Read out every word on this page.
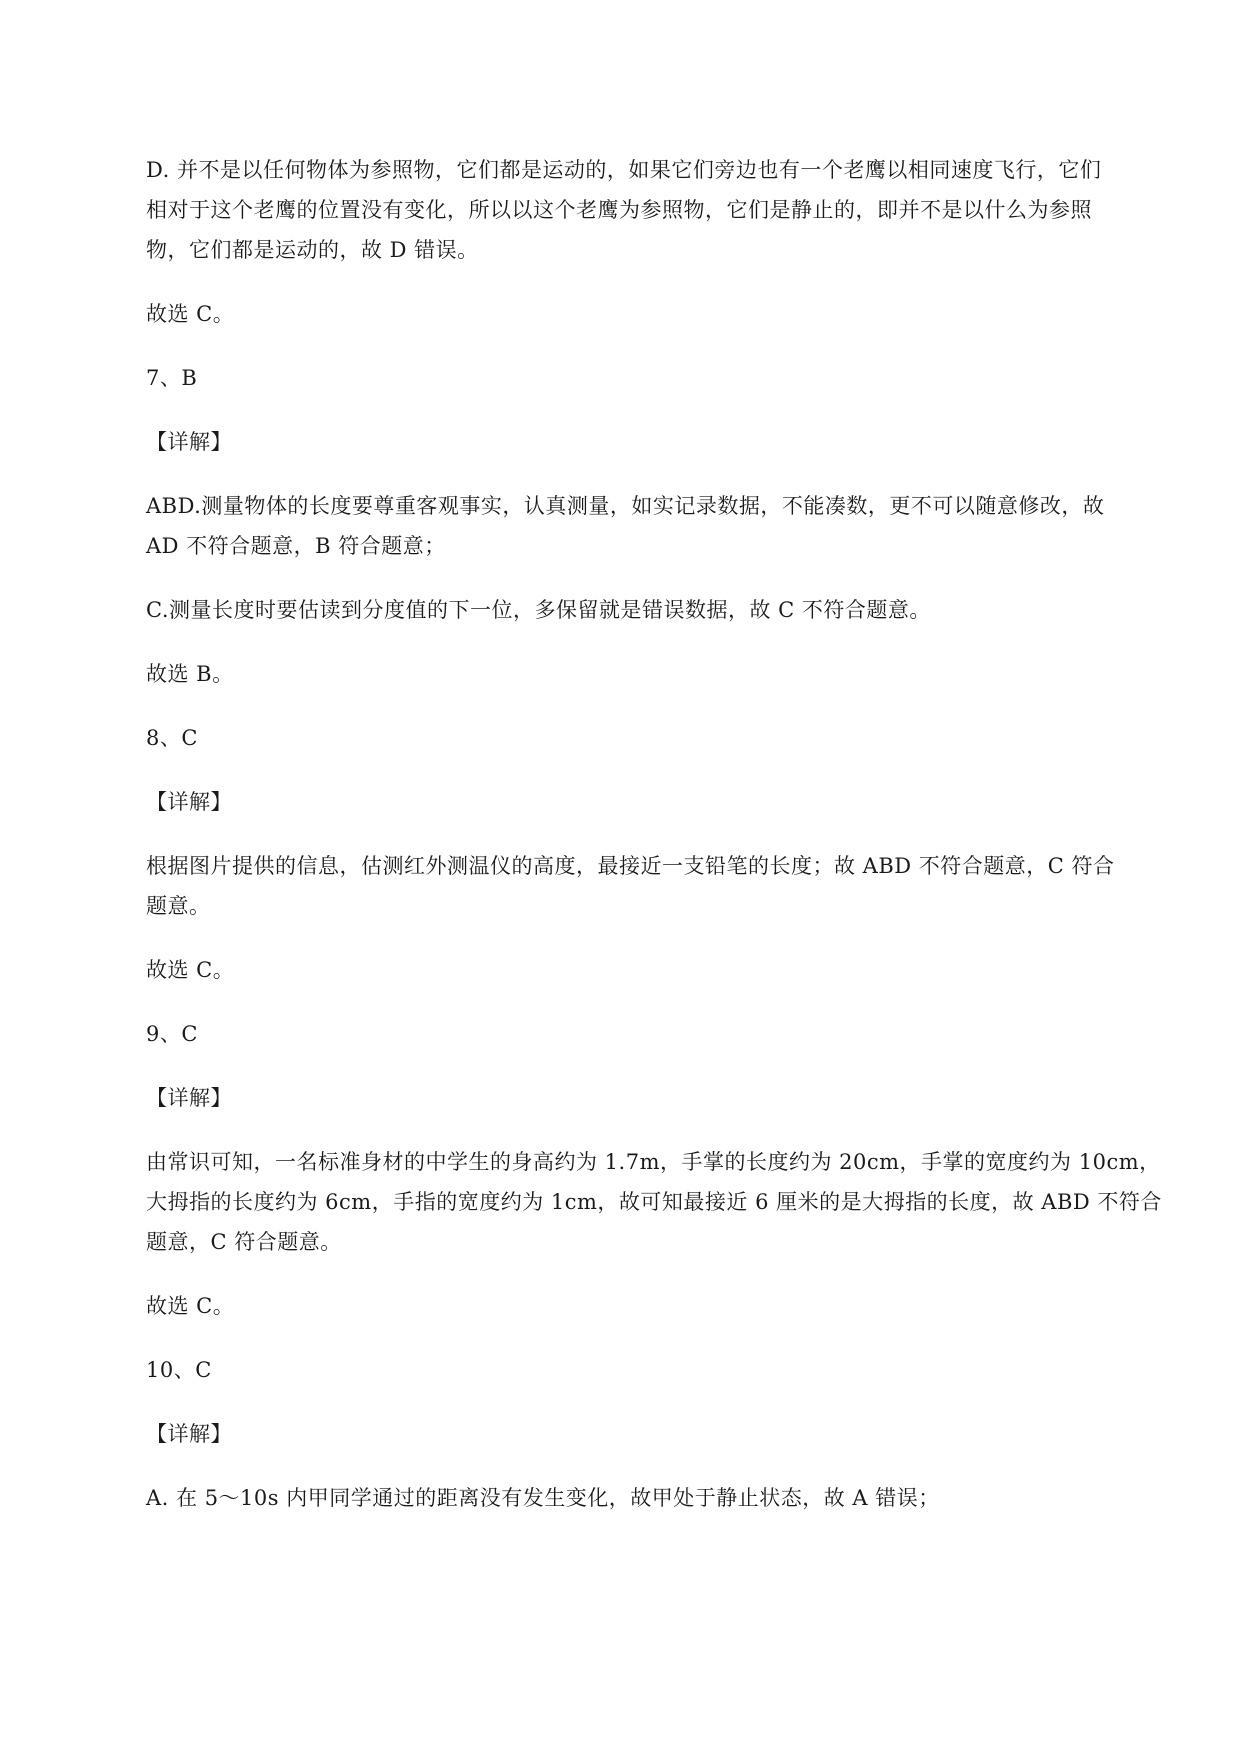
D. 并不是以任何物体为参照物，它们都是运动的，如果它们旁边也有一个老鹰以相同速度飞行，它们
相对于这个老鹰的位置没有变化，所以以这个老鹰为参照物，它们是静止的，即并不是以什么为参照
物，它们都是运动的，故 D 错误。
故选 C。
7、B
【详解】
ABD.测量物体的长度要尊重客观事实，认真测量，如实记录数据，不能凑数，更不可以随意修改，故
AD 不符合题意，B 符合题意；
C.测量长度时要估读到分度值的下一位，多保留就是错误数据，故 C 不符合题意。
故选 B。
8、C
【详解】
根据图片提供的信息，估测红外测温仪的高度，最接近一支铅笔的长度；故 ABD 不符合题意，C 符合
题意。
故选 C。
9、C
【详解】
由常识可知，一名标准身材的中学生的身高约为 1.7m，手掌的长度约为 20cm，手掌的宽度约为 10cm，
大拇指的长度约为 6cm，手指的宽度约为 1cm，故可知最接近 6 厘米的是大拇指的长度，故 ABD 不符合
题意，C 符合题意。
故选 C。
10、C
【详解】
A. 在 5～10s 内甲同学通过的距离没有发生变化，故甲处于静止状态，故 A 错误；
